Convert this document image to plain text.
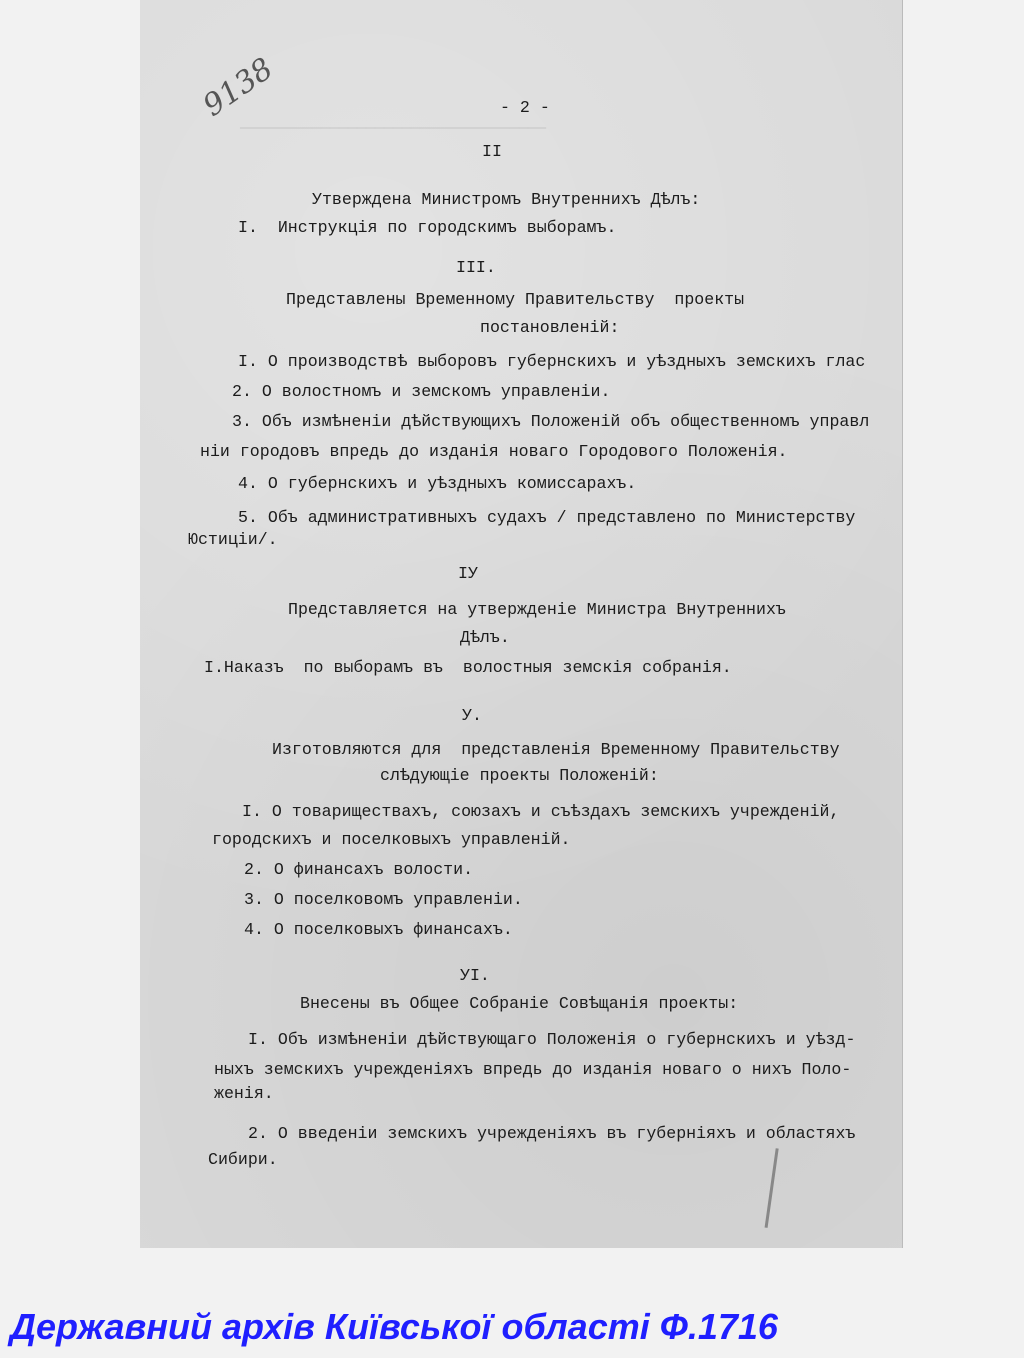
——————————————————————————————————
9138	- 2 -
II
Утверждена Министромъ Внутреннихъ Дѣлъ:
I.  Инструкцiя по городскимъ выборамъ.
III.
Представлены Временному Правительству  проекты
постановленiй:
I. О производствѣ выборовъ губернскихъ и уѣздныхъ земскихъ глас
2. О волостномъ и земскомъ управленiи.
3. Объ измѣненiи дѣйствующихъ Положенiй объ общественномъ управл
нiи городовъ впредь до изданiя новаго Городового Положенiя.
4. О губернскихъ и уѣздныхъ комиссарахъ.
5. Объ административныхъ судахъ / представлено по Министерству
Юстицiи/.
IУ
Представляется на утвержденiе Министра Внутреннихъ
Дѣлъ.
I.Наказъ  по выборамъ въ  волостныя земскiя собранiя.
У.
Изготовляются для  представленiя Временному Правительству
слѣдующiе проекты Положенiй:
I. О товариществахъ, союзахъ и съѣздахъ земскихъ учрежденiй,
городскихъ и поселковыхъ управленiй.
2. О финансахъ волости.
3. О поселковомъ управленiи.
4. О поселковыхъ финансахъ.
УI.
Внесены въ Общее Собранiе Совѣщанiя проекты:
I. Объ измѣненiи дѣйствующаго Положенiя о губернскихъ и уѣзд-
ныхъ земскихъ учрежденiяхъ впредь до изданiя новаго о нихъ Поло-
женiя.
2. О введенiи земскихъ учрежденiяхъ въ губернiяхъ и областяхъ
Сибири.
Державний архів Київської області Ф.1716
